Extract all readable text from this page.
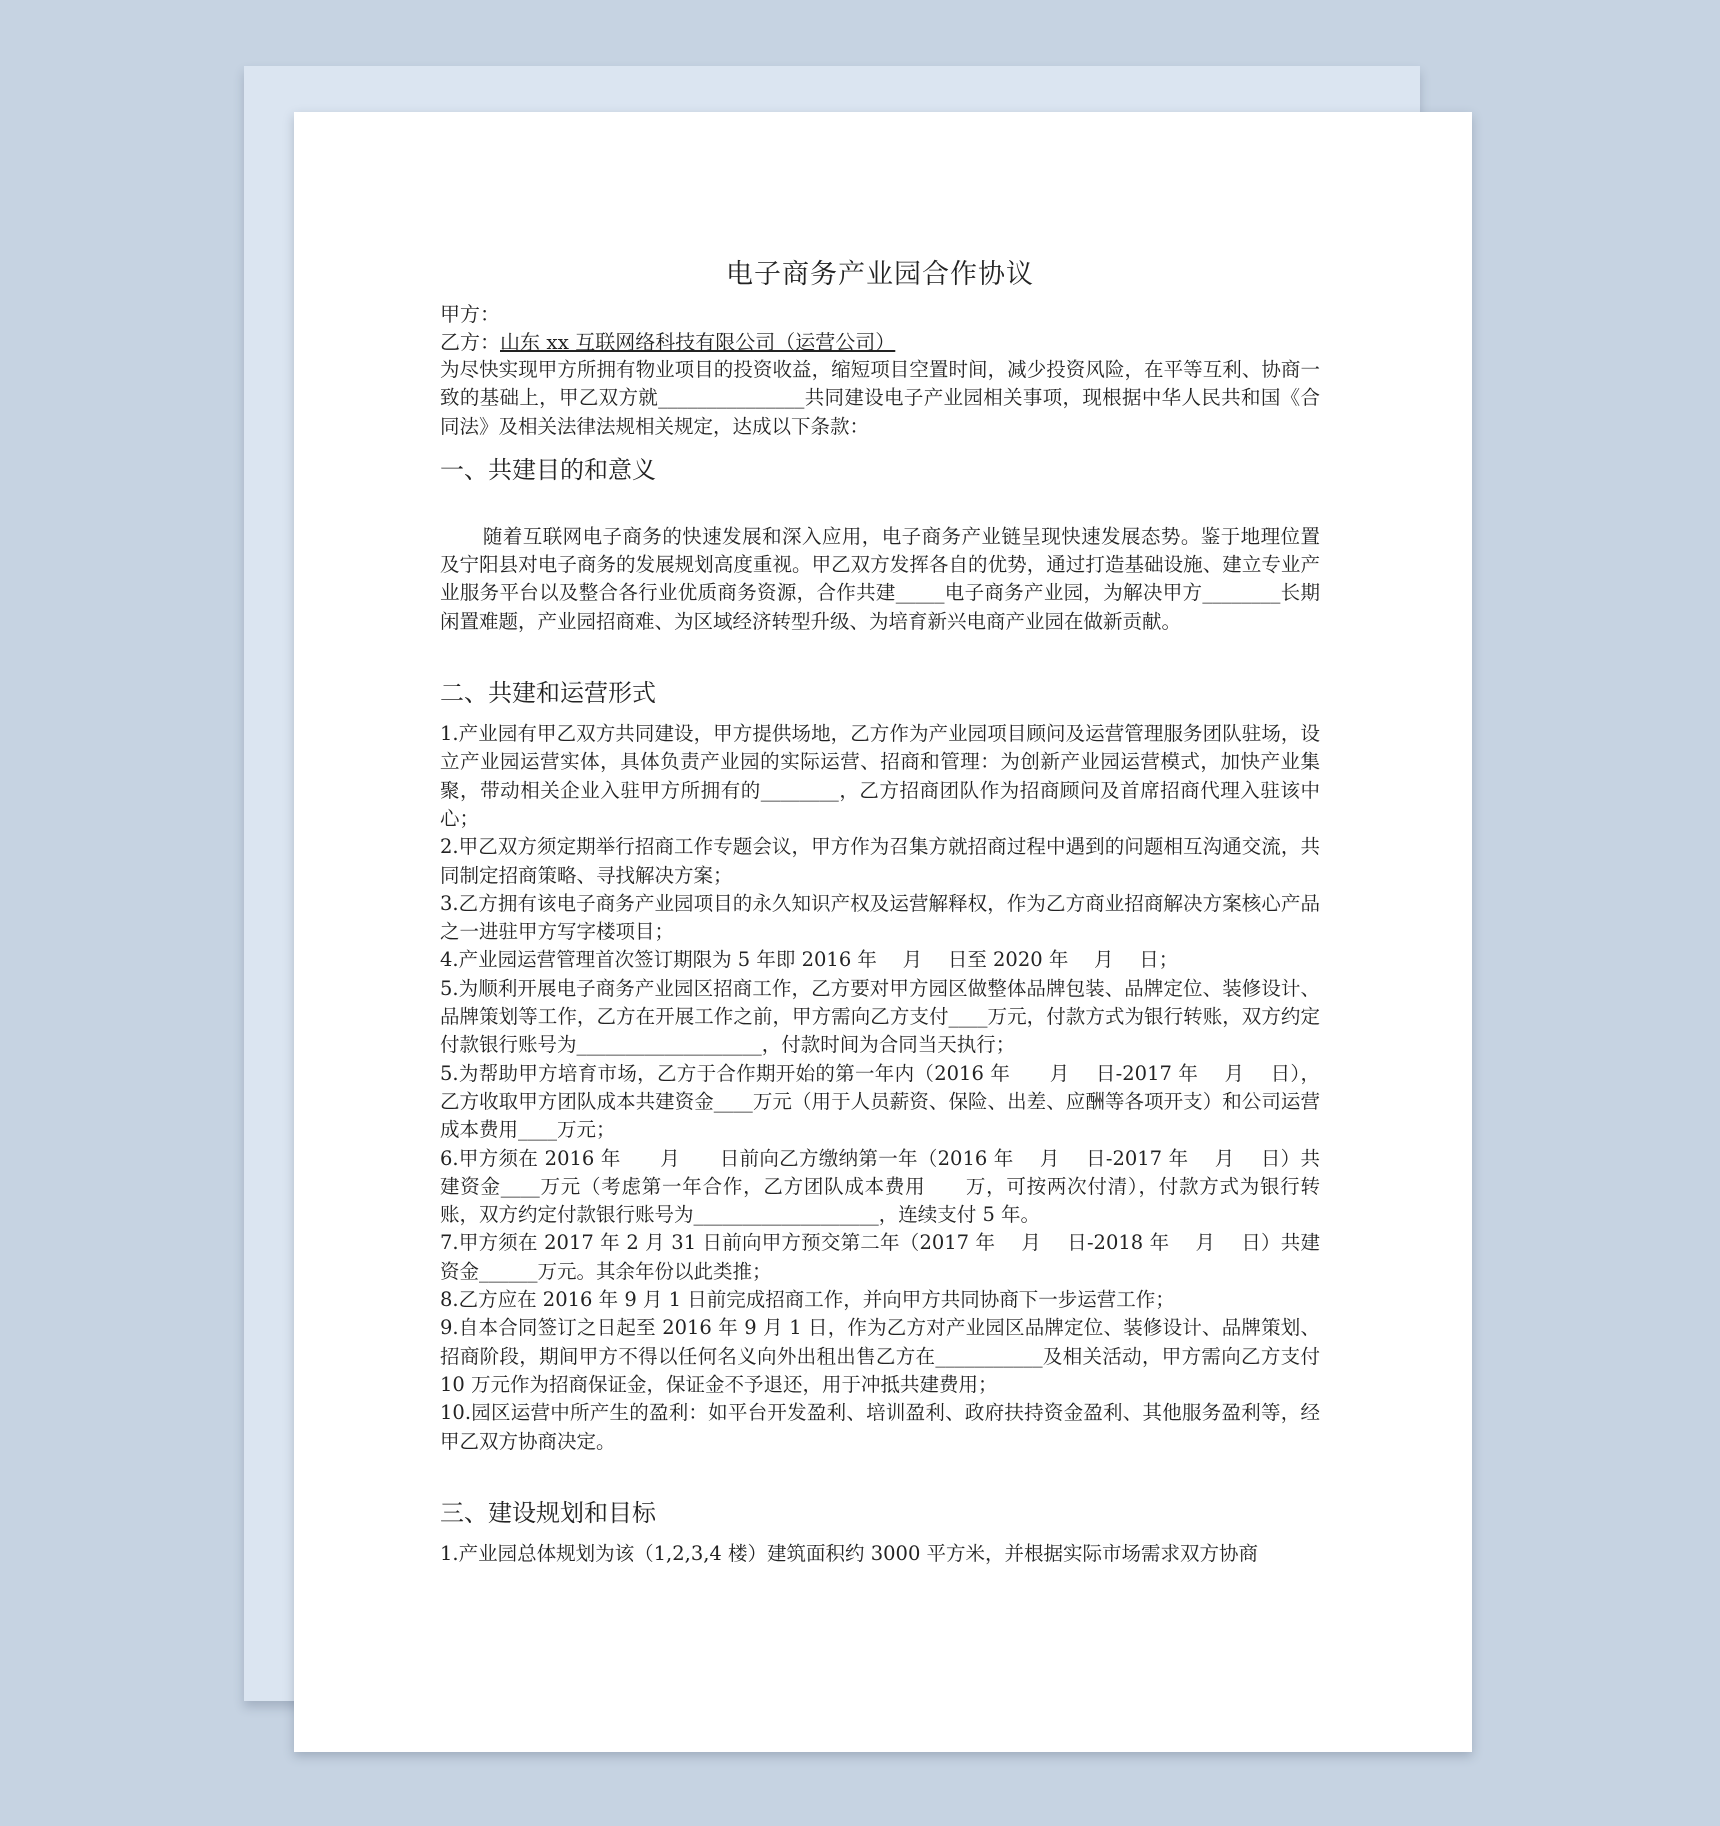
电子商务产业园合作协议

甲方：

乙方：山东 xx 互联网络科技有限公司（运营公司）

为尽快实现甲方所拥有物业项目的投资收益，缩短项目空置时间，减少投资风险，在平等互利、协商一致的基础上，甲乙双方就_______________共同建设电子产业园相关事项，现根据中华人民共和国《合同法》及相关法律法规相关规定，达成以下条款：

一、共建目的和意义

随着互联网电子商务的快速发展和深入应用，电子商务产业链呈现快速发展态势。鉴于地理位置及宁阳县对电子商务的发展规划高度重视。甲乙双方发挥各自的优势，通过打造基础设施、建立专业产业服务平台以及整合各行业优质商务资源，合作共建_____电子商务产业园，为解决甲方________长期闲置难题，产业园招商难、为区域经济转型升级、为培育新兴电商产业园在做新贡献。

二、共建和运营形式

1.产业园有甲乙双方共同建设，甲方提供场地，乙方作为产业园项目顾问及运营管理服务团队驻场，设立产业园运营实体，具体负责产业园的实际运营、招商和管理：为创新产业园运营模式，加快产业集聚，带动相关企业入驻甲方所拥有的________，乙方招商团队作为招商顾问及首席招商代理入驻该中心；

2.甲乙双方须定期举行招商工作专题会议，甲方作为召集方就招商过程中遇到的问题相互沟通交流，共同制定招商策略、寻找解决方案；

3.乙方拥有该电子商务产业园项目的永久知识产权及运营解释权，作为乙方商业招商解决方案核心产品之一进驻甲方写字楼项目；

4.产业园运营管理首次签订期限为 5 年即 2016 年　 月　 日至 2020 年　 月　 日；

5.为顺利开展电子商务产业园区招商工作，乙方要对甲方园区做整体品牌包装、品牌定位、装修设计、品牌策划等工作，乙方在开展工作之前，甲方需向乙方支付____万元，付款方式为银行转账，双方约定付款银行账号为___________________，付款时间为合同当天执行；

5.为帮助甲方培育市场，乙方于合作期开始的第一年内（2016 年　　月　 日-2017 年　 月　 日），乙方收取甲方团队成本共建资金____万元（用于人员薪资、保险、出差、应酬等各项开支）和公司运营成本费用____万元；

6.甲方须在 2016 年　　月　　日前向乙方缴纳第一年（2016 年　 月　 日-2017 年　 月　 日）共建资金____万元（考虑第一年合作，乙方团队成本费用　　万，可按两次付清），付款方式为银行转账，双方约定付款银行账号为___________________，连续支付 5 年。

7.甲方须在 2017 年 2 月 31 日前向甲方预交第二年（2017 年　 月　 日-2018 年　 月　 日）共建资金______万元。其余年份以此类推；

8.乙方应在 2016 年 9 月 1 日前完成招商工作，并向甲方共同协商下一步运营工作；

9.自本合同签订之日起至 2016 年 9 月 1 日，作为乙方对产业园区品牌定位、装修设计、品牌策划、招商阶段，期间甲方不得以任何名义向外出租出售乙方在___________及相关活动，甲方需向乙方支付 10 万元作为招商保证金，保证金不予退还，用于冲抵共建费用；

10.园区运营中所产生的盈利：如平台开发盈利、培训盈利、政府扶持资金盈利、其他服务盈利等，经甲乙双方协商决定。

三、建设规划和目标

1.产业园总体规划为该（1,2,3,4 楼）建筑面积约 3000 平方米，并根据实际市场需求双方协商
